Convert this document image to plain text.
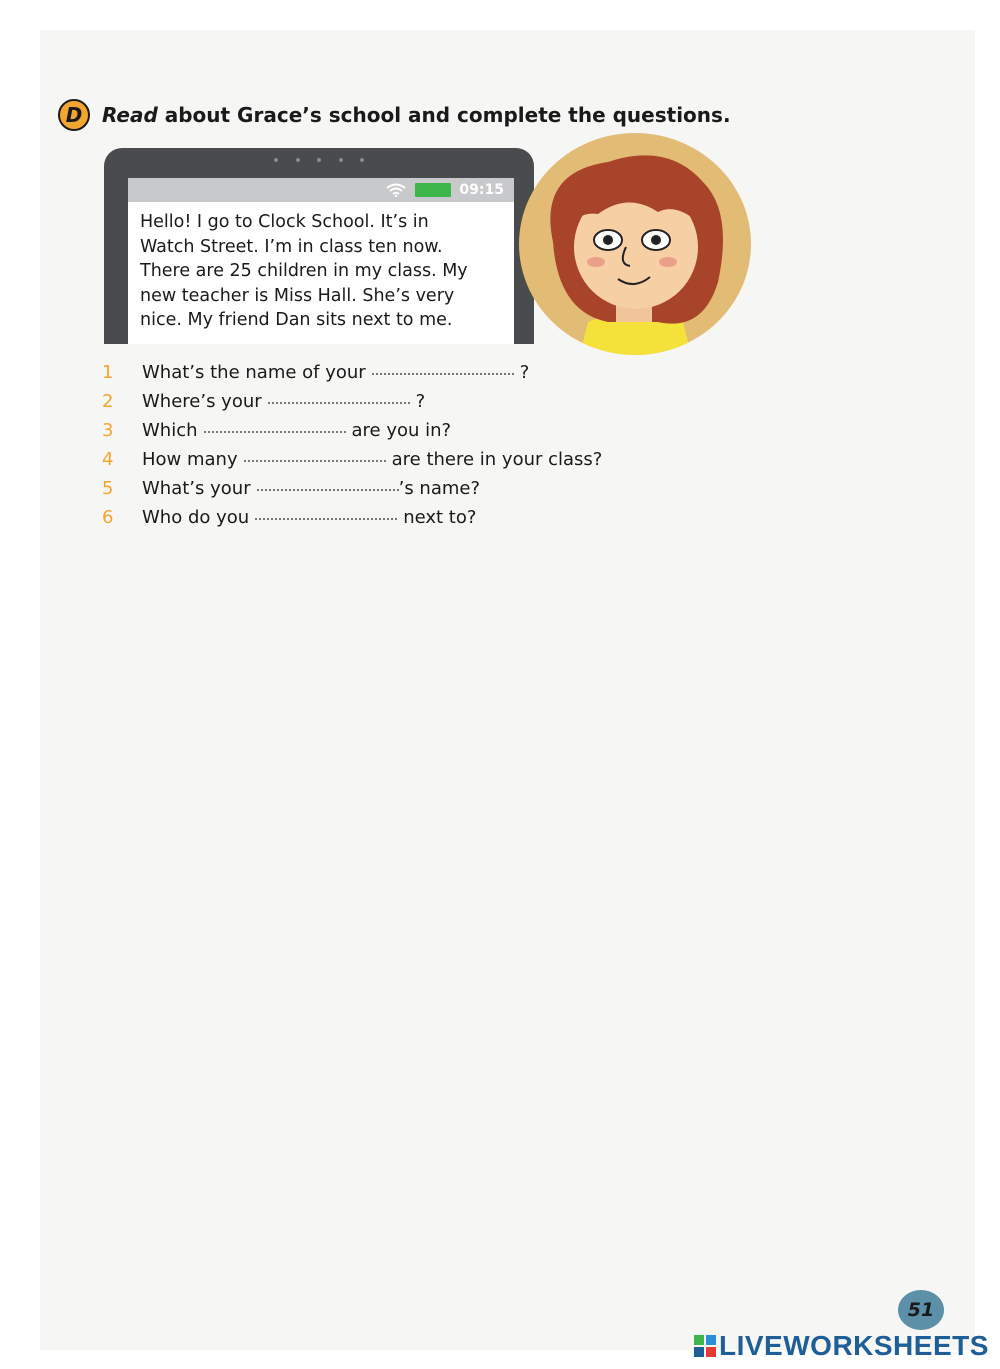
D Read about Grace’s school and complete the questions.
09:15
Hello! I go to Clock School. It’s in
Watch Street. I’m in class ten now.
There are 25 children in my class. My
new teacher is Miss Hall. She’s very
nice. My friend Dan sits next to me.
1	What’s the name of your	?
2	Where’s your	?
3	Which	are you in?
4	How many	are there in your class?
5	What’s your	’s name?
6	Who do you	next to?
51
LIVEWORKSHEETS
